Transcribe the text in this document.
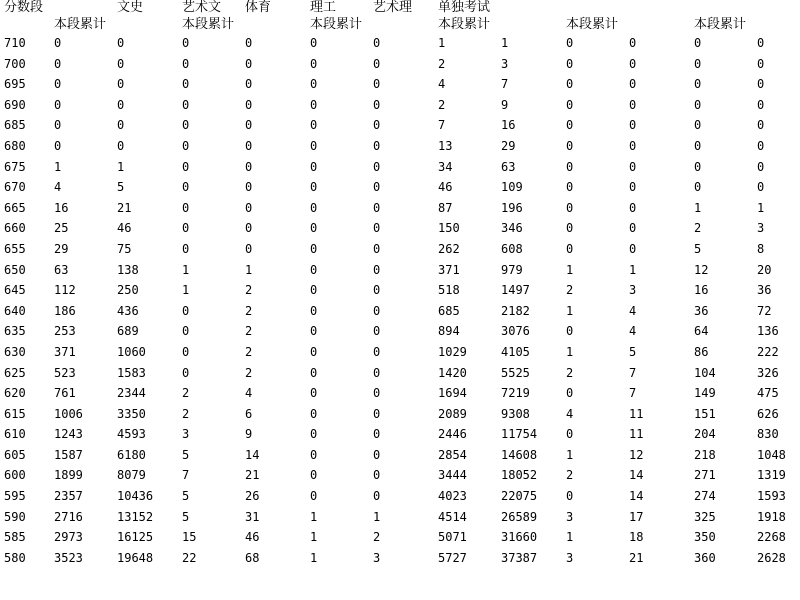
分数段		文史	艺术文	体育	理工	艺术理	单独考试					
	本段累计		本段累计		本段累计		本段累计		本段累计		本段累计	
710	0	0	0	0	0	0	1	1	0	0	0	0
700	0	0	0	0	0	0	2	3	0	0	0	0
695	0	0	0	0	0	0	4	7	0	0	0	0
690	0	0	0	0	0	0	2	9	0	0	0	0
685	0	0	0	0	0	0	7	16	0	0	0	0
680	0	0	0	0	0	0	13	29	0	0	0	0
675	1	1	0	0	0	0	34	63	0	0	0	0
670	4	5	0	0	0	0	46	109	0	0	0	0
665	16	21	0	0	0	0	87	196	0	0	1	1
660	25	46	0	0	0	0	150	346	0	0	2	3
655	29	75	0	0	0	0	262	608	0	0	5	8
650	63	138	1	1	0	0	371	979	1	1	12	20
645	112	250	1	2	0	0	518	1497	2	3	16	36
640	186	436	0	2	0	0	685	2182	1	4	36	72
635	253	689	0	2	0	0	894	3076	0	4	64	136
630	371	1060	0	2	0	0	1029	4105	1	5	86	222
625	523	1583	0	2	0	0	1420	5525	2	7	104	326
620	761	2344	2	4	0	0	1694	7219	0	7	149	475
615	1006	3350	2	6	0	0	2089	9308	4	11	151	626
610	1243	4593	3	9	0	0	2446	11754	0	11	204	830
605	1587	6180	5	14	0	0	2854	14608	1	12	218	1048
600	1899	8079	7	21	0	0	3444	18052	2	14	271	1319
595	2357	10436	5	26	0	0	4023	22075	0	14	274	1593
590	2716	13152	5	31	1	1	4514	26589	3	17	325	1918
585	2973	16125	15	46	1	2	5071	31660	1	18	350	2268
580	3523	19648	22	68	1	3	5727	37387	3	21	360	2628
